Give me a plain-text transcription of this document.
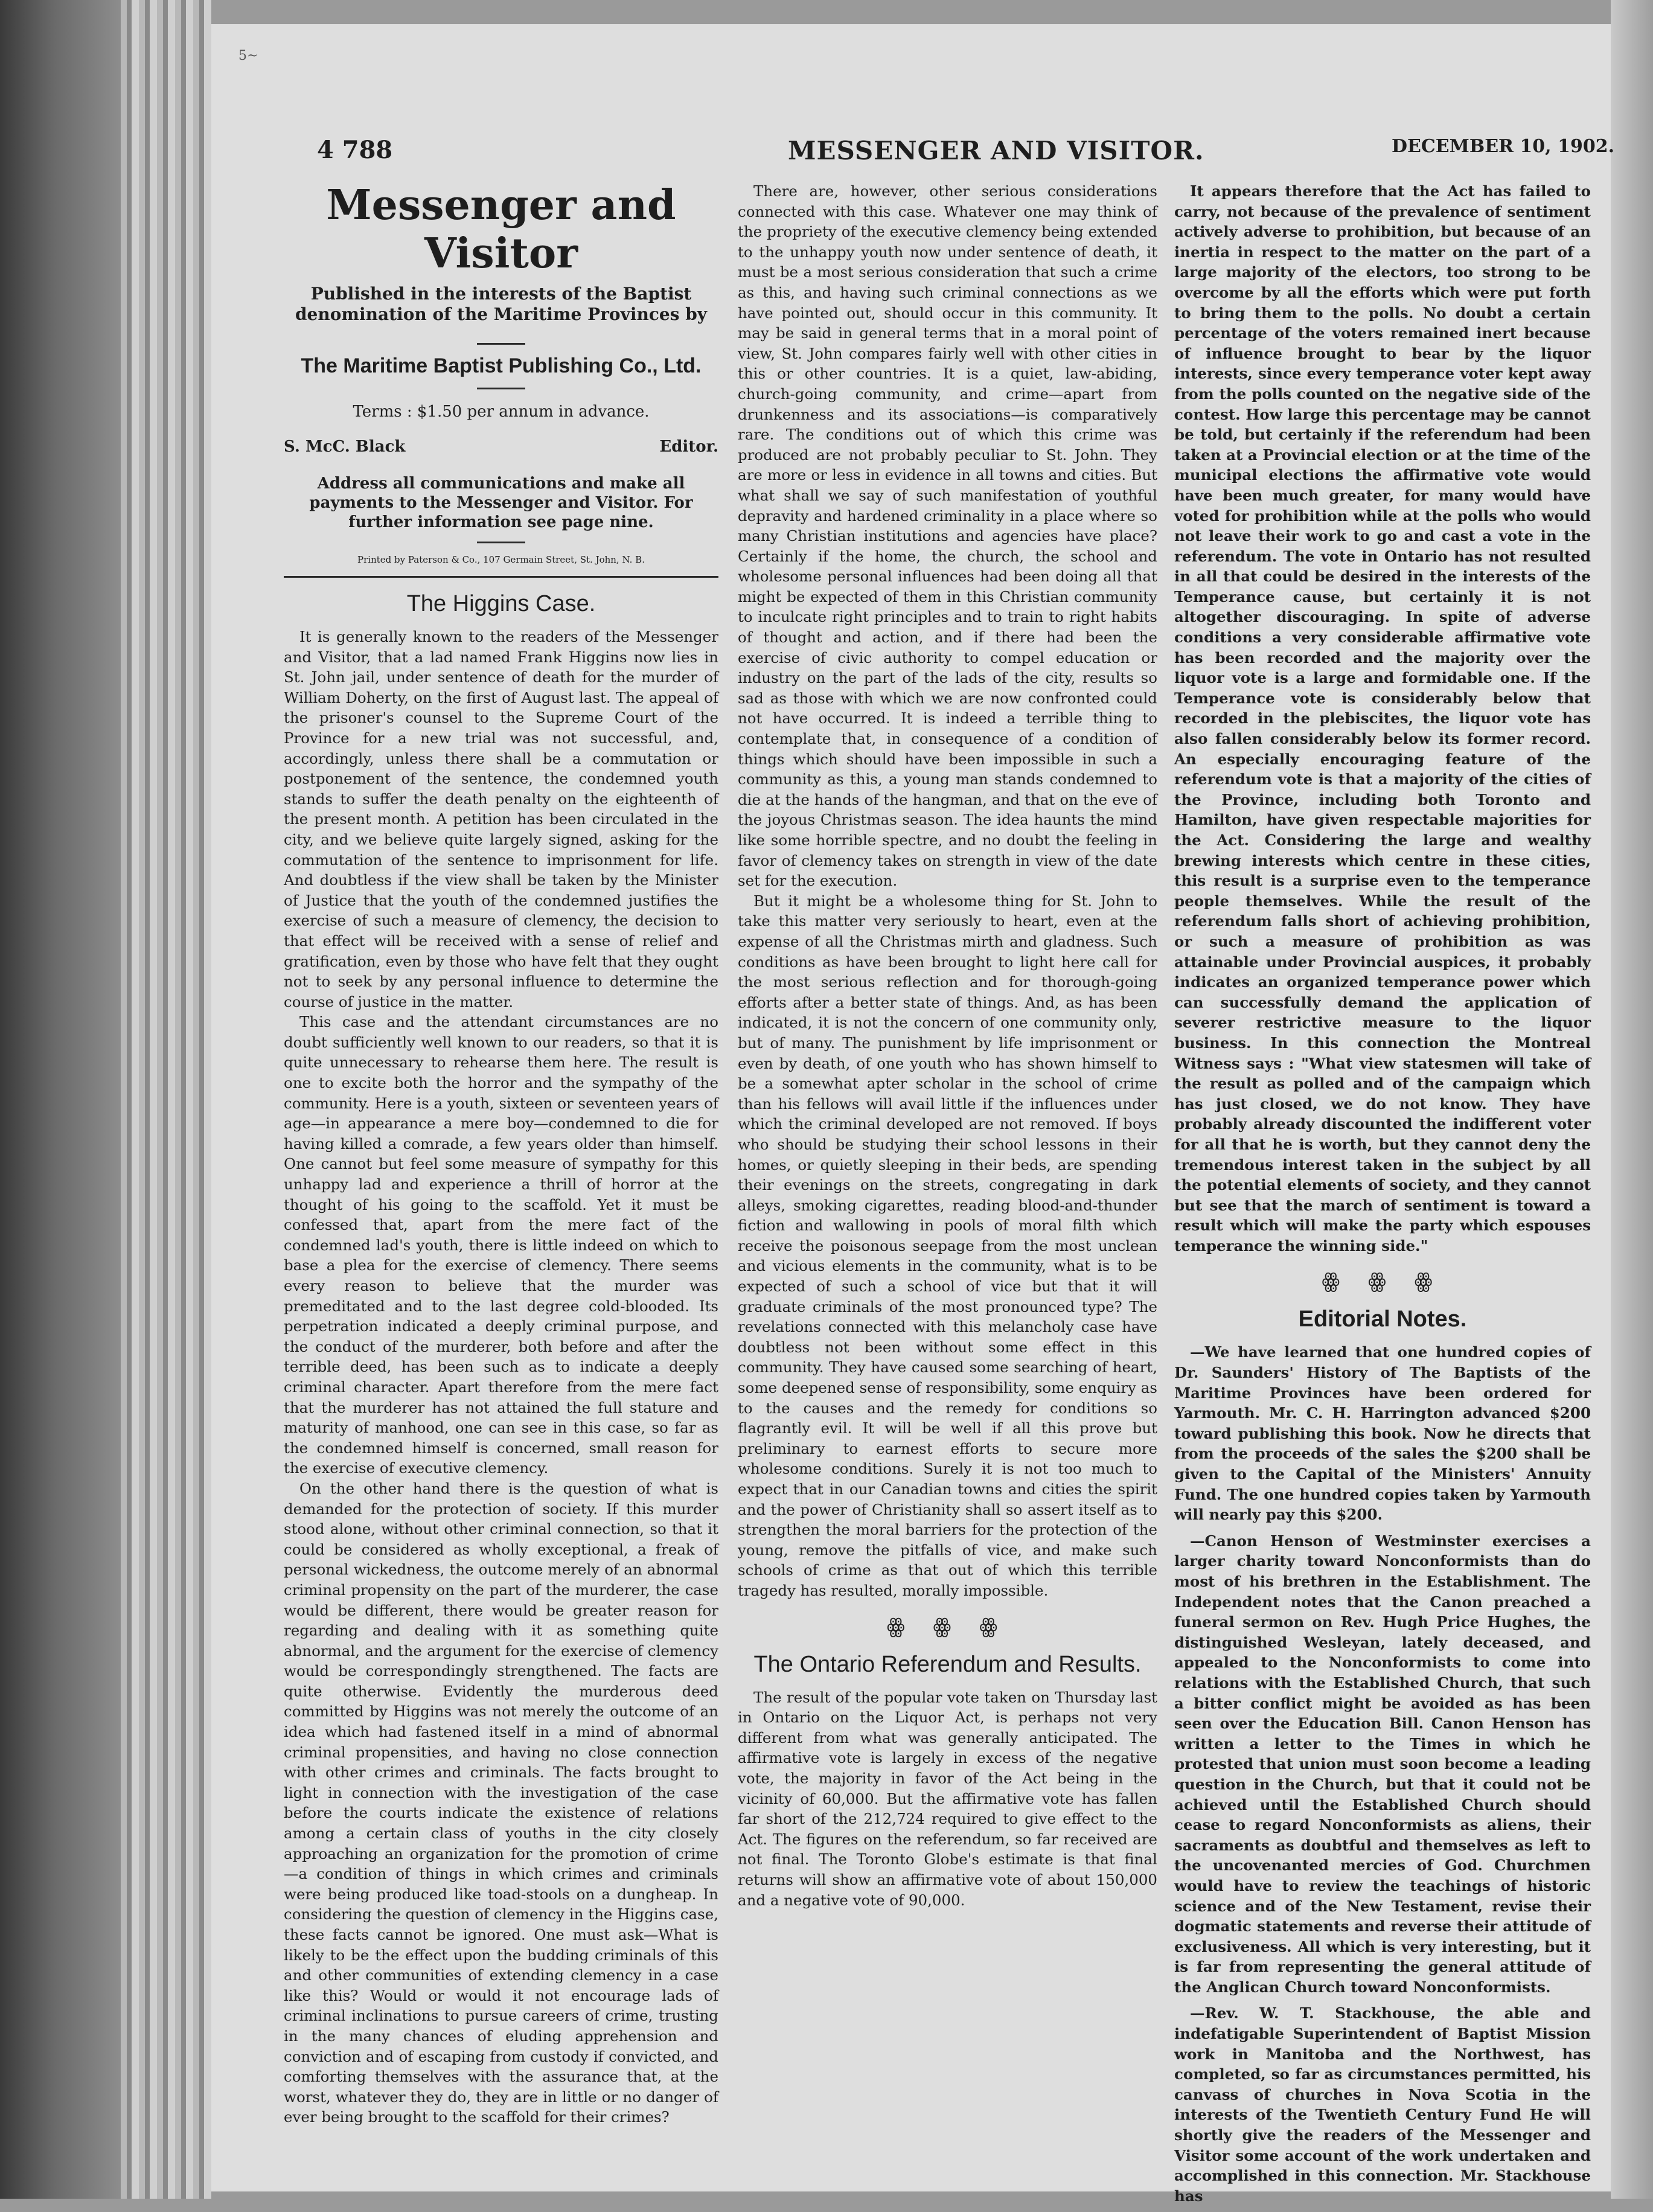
5~
4 788	MESSENGER AND VISITOR.	DECEMBER 10, 1902.
Messenger and Visitor
Published in the interests of the Baptist denomination of the Maritime Provinces by
The Maritime Baptist Publishing Co., Ltd.
Terms : $1.50 per annum in advance.
S. McC. Black	Editor.
Address all communications and make all payments to the Messenger and Visitor. For further information see page nine.
Printed by Paterson & Co., 107 Germain Street, St. John, N. B.
The Higgins Case.

It is generally known to the readers of the Messenger and Visitor, that a lad named Frank Higgins now lies in St. John jail, under sentence of death for the murder of William Doherty, on the first of August last. The appeal of the prisoner's counsel to the Supreme Court of the Province for a new trial was not successful, and, accordingly, unless there shall be a commutation or postponement of the sentence, the condemned youth stands to suffer the death penalty on the eighteenth of the present month. A petition has been circulated in the city, and we believe quite largely signed, asking for the commutation of the sentence to imprisonment for life. And doubtless if the view shall be taken by the Minister of Justice that the youth of the condemned justifies the exercise of such a measure of clemency, the decision to that effect will be received with a sense of relief and gratification, even by those who have felt that they ought not to seek by any personal influence to determine the course of justice in the matter.

This case and the attendant circumstances are no doubt sufficiently well known to our readers, so that it is quite unnecessary to rehearse them here. The result is one to excite both the horror and the sympathy of the community. Here is a youth, sixteen or seventeen years of age—in appearance a mere boy—condemned to die for having killed a comrade, a few years older than himself. One cannot but feel some measure of sympathy for this unhappy lad and experience a thrill of horror at the thought of his going to the scaffold. Yet it must be confessed that, apart from the mere fact of the condemned lad's youth, there is little indeed on which to base a plea for the exercise of clemency. There seems every reason to believe that the murder was premeditated and to the last degree cold-blooded. Its perpetration indicated a deeply criminal purpose, and the conduct of the murderer, both before and after the terrible deed, has been such as to indicate a deeply criminal character. Apart therefore from the mere fact that the murderer has not attained the full stature and maturity of manhood, one can see in this case, so far as the condemned himself is concerned, small reason for the exercise of executive clemency.

On the other hand there is the question of what is demanded for the protection of society. If this murder stood alone, without other criminal connection, so that it could be considered as wholly exceptional, a freak of personal wickedness, the outcome merely of an abnormal criminal propensity on the part of the murderer, the case would be different, there would be greater reason for regarding and dealing with it as something quite abnormal, and the argument for the exercise of clemency would be correspondingly strengthened. The facts are quite otherwise. Evidently the murderous deed committed by Higgins was not merely the outcome of an idea which had fastened itself in a mind of abnormal criminal propensities, and having no close connection with other crimes and criminals. The facts brought to light in connection with the investigation of the case before the courts indicate the existence of relations among a certain class of youths in the city closely approaching an organization for the promotion of crime—a condition of things in which crimes and criminals were being produced like toad-stools on a dungheap. In considering the question of clemency in the Higgins case, these facts cannot be ignored. One must ask—What is likely to be the effect upon the budding criminals of this and other communities of extending clemency in a case like this? Would or would it not encourage lads of criminal inclinations to pursue careers of crime, trusting in the many chances of eluding apprehension and conviction and of escaping from custody if convicted, and comforting themselves with the assurance that, at the worst, whatever they do, they are in little or no danger of ever being brought to the scaffold for their crimes?

There are, however, other serious considerations connected with this case. Whatever one may think of the propriety of the executive clemency being extended to the unhappy youth now under sentence of death, it must be a most serious consideration that such a crime as this, and having such criminal connections as we have pointed out, should occur in this community. It may be said in general terms that in a moral point of view, St. John compares fairly well with other cities in this or other countries. It is a quiet, law-abiding, church-going community, and crime—apart from drunkenness and its associations—is comparatively rare. The conditions out of which this crime was produced are not probably peculiar to St. John. They are more or less in evidence in all towns and cities. But what shall we say of such manifestation of youthful depravity and hardened criminality in a place where so many Christian institutions and agencies have place? Certainly if the home, the church, the school and wholesome personal influences had been doing all that might be expected of them in this Christian community to inculcate right principles and to train to right habits of thought and action, and if there had been the exercise of civic authority to compel education or industry on the part of the lads of the city, results so sad as those with which we are now confronted could not have occurred. It is indeed a terrible thing to contemplate that, in consequence of a condition of things which should have been impossible in such a community as this, a young man stands condemned to die at the hands of the hangman, and that on the eve of the joyous Christmas season. The idea haunts the mind like some horrible spectre, and no doubt the feeling in favor of clemency takes on strength in view of the date set for the execution.

But it might be a wholesome thing for St. John to take this matter very seriously to heart, even at the expense of all the Christmas mirth and gladness. Such conditions as have been brought to light here call for the most serious reflection and for thorough-going efforts after a better state of things. And, as has been indicated, it is not the concern of one community only, but of many. The punishment by life imprisonment or even by death, of one youth who has shown himself to be a somewhat apter scholar in the school of crime than his fellows will avail little if the influences under which the criminal developed are not removed. If boys who should be studying their school lessons in their homes, or quietly sleeping in their beds, are spending their evenings on the streets, congregating in dark alleys, smoking cigarettes, reading blood-and-thunder fiction and wallowing in pools of moral filth which receive the poisonous seepage from the most unclean and vicious elements in the community, what is to be expected of such a school of vice but that it will graduate criminals of the most pronounced type? The revelations connected with this melancholy case have doubtless not been without some effect in this community. They have caused some searching of heart, some deepened sense of responsibility, some enquiry as to the causes and the remedy for conditions so flagrantly evil. It will be well if all this prove but preliminary to earnest efforts to secure more wholesome conditions. Surely it is not too much to expect that in our Canadian towns and cities the spirit and the power of Christianity shall so assert itself as to strengthen the moral barriers for the protection of the young, remove the pitfalls of vice, and make such schools of crime as that out of which this terrible tragedy has resulted, morally impossible.

ꙮ ꙮ ꙮ
The Ontario Referendum and Results.

The result of the popular vote taken on Thursday last in Ontario on the Liquor Act, is perhaps not very different from what was generally anticipated. The affirmative vote is largely in excess of the negative vote, the majority in favor of the Act being in the vicinity of 60,000. But the affirmative vote has fallen far short of the 212,724 required to give effect to the Act. The figures on the referendum, so far received are not final. The Toronto Globe's estimate is that final returns will show an affirmative vote of about 150,000 and a negative vote of 90,000.

It appears therefore that the Act has failed to carry, not because of the prevalence of sentiment actively adverse to prohibition, but because of an inertia in respect to the matter on the part of a large majority of the electors, too strong to be overcome by all the efforts which were put forth to bring them to the polls. No doubt a certain percentage of the voters remained inert because of influence brought to bear by the liquor interests, since every temperance voter kept away from the polls counted on the negative side of the contest. How large this percentage may be cannot be told, but certainly if the referendum had been taken at a Provincial election or at the time of the municipal elections the affirmative vote would have been much greater, for many would have voted for prohibition while at the polls who would not leave their work to go and cast a vote in the referendum. The vote in Ontario has not resulted in all that could be desired in the interests of the Temperance cause, but certainly it is not altogether discouraging. In spite of adverse conditions a very considerable affirmative vote has been recorded and the majority over the liquor vote is a large and formidable one. If the Temperance vote is considerably below that recorded in the plebiscites, the liquor vote has also fallen considerably below its former record. An especially encouraging feature of the referendum vote is that a majority of the cities of the Province, including both Toronto and Hamilton, have given respectable majorities for the Act. Considering the large and wealthy brewing interests which centre in these cities, this result is a surprise even to the temperance people themselves. While the result of the referendum falls short of achieving prohibition, or such a measure of prohibition as was attainable under Provincial auspices, it probably indicates an organized temperance power which can successfully demand the application of severer restrictive measure to the liquor business. In this connection the Montreal Witness says : "What view statesmen will take of the result as polled and of the campaign which has just closed, we do not know. They have probably already discounted the indifferent voter for all that he is worth, but they cannot deny the tremendous interest taken in the subject by all the potential elements of society, and they cannot but see that the march of sentiment is toward a result which will make the party which espouses temperance the winning side."

ꙮ ꙮ ꙮ
Editorial Notes.

—We have learned that one hundred copies of Dr. Saunders' History of The Baptists of the Maritime Provinces have been ordered for Yarmouth. Mr. C. H. Harrington advanced $200 toward publishing this book. Now he directs that from the proceeds of the sales the $200 shall be given to the Capital of the Ministers' Annuity Fund. The one hundred copies taken by Yarmouth will nearly pay this $200.

—Canon Henson of Westminster exercises a larger charity toward Nonconformists than do most of his brethren in the Establishment. The Independent notes that the Canon preached a funeral sermon on Rev. Hugh Price Hughes, the distinguished Wesleyan, lately deceased, and appealed to the Nonconformists to come into relations with the Established Church, that such a bitter conflict might be avoided as has been seen over the Education Bill. Canon Henson has written a letter to the Times in which he protested that union must soon become a leading question in the Church, but that it could not be achieved until the Established Church should cease to regard Nonconformists as aliens, their sacraments as doubtful and themselves as left to the uncovenanted mercies of God. Churchmen would have to review the teachings of historic science and of the New Testament, revise their dogmatic statements and reverse their attitude of exclusiveness. All which is very interesting, but it is far from representing the general attitude of the Anglican Church toward Nonconformists.

—Rev. W. T. Stackhouse, the able and indefatigable Superintendent of Baptist Mission work in Manitoba and the Northwest, has completed, so far as circumstances permitted, his canvass of churches in Nova Scotia in the interests of the Twentieth Century Fund He will shortly give the readers of the Messenger and Visitor some account of the work undertaken and accomplished in this connection. Mr. Stackhouse has
